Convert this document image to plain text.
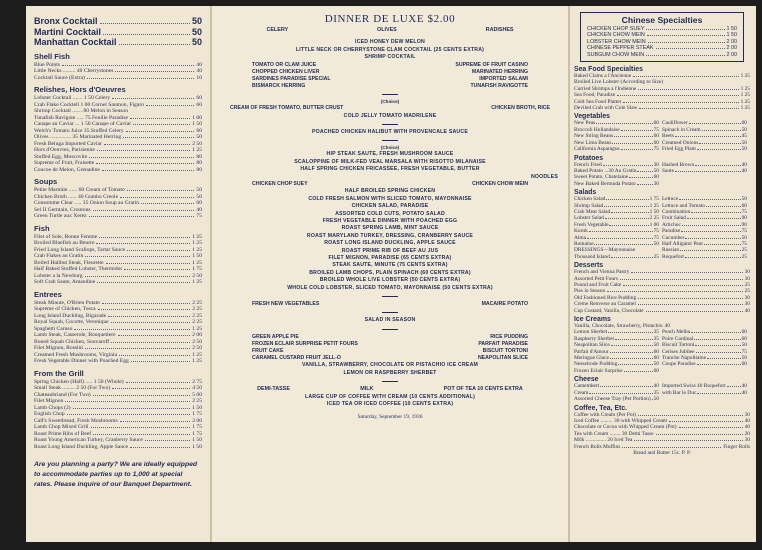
Bronx Cocktail	50
Martini Cocktail	50
Manhattan Cocktail	50
Shell Fish
Blue Points	40
Little Necks ......... 40 Cherrystones	40
Cocktail Sauce (Extra)	10
Relishes, Hors d'Oeuvres
Lobster Cocktail ....... 1 50 Celery	60
Crab Flake Cocktell 1 00 Cornel Saumon, Figaro	60
Shrimp Cocktail ....... 80 Melon in Season
Tunafish Ravigote ..... 75 Feuille Paradise	1 00
Canape au Caviar ... 1 50 Canape of Caviar	1 50
Welch's Tomato Juice 35 Stuffed Celery	60
Olives ............... 35 Marinated Herring	50
Fresh Beluga Imported Caviar	2 50
Hors d'Oeuvres, Parisienne	1 25
Stuffed Egg, Moscovite	80
Supreme of Fruit, Fraisette	80
Coucoe de Melon, Grenadine	80
Soups
Petite Marmite ...... 60 Cream of Tomato	50
Chicken Broth ...... 40 Gumbo Creole	50
Consomme Clear ..... 35 Onion Soup au Gratin	60
Sel II Germain, Croutons	40
Green Turtle aux Xerez	75
Fish
Filet of Sole, Bonne Femme	1 25
Broiled Bluefish au Beurre	1 25
Fried Long Island Scallops, Tartar Sauce	1 25
Crab Flakes au Gratin	1 50
Boiled Halibut Steak, Fleurette	1 25
Half Baked Stuffed Lobster, Thermidor	1 75
Lobster a la Newburg	2 50
Soft Crab Saute, Amandine	1 25
Entrees
Steak Minute, O'Brien Potato	2 25
Supreme of Chicken, Tosca	2 25
Long Island Duckling, Bigarade	2 25
Royal Squab, Cocotte, Veronique	2 25
Spaghetti Caruso	1 25
Lamb Steak, Casserole, Bouquetiere	2 00
Boned Squab Chicken, Souvaroff	2 50
Filet Mignon, Rossini	2 50
Creamed Fresh Mushrooms, Virginia	1 25
Fresh Vegetable Dinner with Poached Egg	1 25
From the Grill
Spring Chicken (Half) ..... 1 50 (Whole)	2 75
Small Steak ......... 2 50 (For Two)	4 50
Chateaubriand (For Two)	5 00
Filet Mignon	2 25
Lamb Chops (2)	1 50
English Chop	1 75
Calf's Sweetbread, Fresh Mushrooms	2 00
Lamb Chop Mixed Grill	1 75
Roast Prime Ribs of Beef	1 75
Roast Young American Turkey, Cranberry Sauce	1 50
Roast Long Island Duckling, Apple Sauce	1 50
Are you planning a party? We are ideally equipped to accommodate parties up to 1,000 at special rates. Please inquire of our Banquet Department.
DINNER DE LUXE $2.00
CELERY	OLIVES	RADISHES
ICED HONEY DEW MELON
LITTLE NECK OR CHERRYSTONE CLAM COCKTAIL (25 CENTS EXTRA)
SHRIMP COCKTAIL
TOMATO OR CLAM JUICE	SUPREME OF FRUIT CASINO
CHOPPED CHICKEN LIVER	MARINATED HERRING
SARDINES PARADISE SPECIAL	IMPORTED SALAMI
BISMARCK HERRING	TUNAFISH RAVIGOTTE
(Choice)
CREAM OF FRESH TOMATO, BUTTER CRUST	CHICKEN BROTH, RICE
COLD JELLY TOMATO MADRILENE
POACHED CHICKEN HALIBUT WITH PROVENCALE SAUCE
(Choice)
HIP STEAK SAUTE, FRESH MUSHROOM SAUCE
SCALOPPINE OF MILK-FED VEAL MARSALA WITH RISOTTO MILANAISE
HALF SPRING CHICKEN FRICASSEE, FRESH VEGETABLE, BUTTER
NOODLES
CHICKEN CHOP SUEY	CHICKEN CHOW MEIN
HALF BROILED SPRING CHICKEN
COLD FRESH SALMON WITH SLICED TOMATO, MAYONNAISE
CHICKEN SALAD, PARADISE
ASSORTED COLD CUTS, POTATO SALAD
FRESH VEGETABLE DINNER WITH POACHED EGG
ROAST SPRING LAMB, MINT SAUCE
ROAST MARYLAND TURKEY, DRESSING, CRANBERRY SAUCE
ROAST LONG ISLAND DUCKLING, APPLE SAUCE
ROAST PRIME RIB OF BEEF AU JUS
FILET MIGNON, PARADISE (65 CENTS EXTRA)
STEAK SAUTE, MINUTE (75 CENTS EXTRA)
BROILED LAMB CHOPS, PLAIN SPINACH (60 CENTS EXTRA)
BROILED WHOLE LIVE LOBSTER (50 CENTS EXTRA)
WHOLE COLD LOBSTER, SLICED TOMATO, MAYONNAISE (50 CENTS EXTRA)
FRESH NEW VEGETABLES	MACAIRE POTATO
SALAD IN SEASON
GREEN APPLE PIE	RICE PUDDING
FROZEN ECLAIR SURPRISE PETIT FOURS	PARFAIT PARADISE
FRUIT CAKE	BISCUIT TORTONI
CARAMEL CUSTARD FRUIT JELL-O	NEAPOLITAN SLICE
VANILLA, STRAWBERRY, CHOCOLATE OR PISTACHIO ICE CREAM
LEMON OR RASPBERRY SHERBET
DEMI-TASSE	MILK	POT OF TEA 10 CENTS EXTRA
LARGE CUP OF COFFEE WITH CREAM (10 CENTS ADDITIONAL)
ICED TEA OR ICED COFFEE (10 CENTS EXTRA)
Saturday, September 19, 1936
Chinese Specialties
CHICKEN CHOP SUEY	1 50
CHICKEN CHOW MEIN	1 50
LOBSTER CHOW MEIN	2 00
CHINESE PEPPER STEAK	2 00
SUBGUM CHOW MEIN	2 00
Sea Food Specialties
Baked Clams a l'Ancienne	1 25
Broiled Live Lobster (According to Size)
Curried Shrimps a l'Indienne	1 25
Sea Food, Paradise	1 25
Cold Sea Food Platter	1 25
Deviled Crab with Cole Slaw	1 25
Vegetables
New Peas	60 Cauliflower	60
Broccoli Hollandaise	75 Spinach in Cream	50
New String Beans	60 Beets	45
New Lima Beans	60 Creamed Onions	50
California Asparagus	75 Fried Egg Plant	50
Potatoes
French Fried	30 Hashed Brown	40
Baked Potato ...30 Au Gratin	50 Saute	40
Sweet Potato, Chatelaine	60
New Baked Bermuda Potato	30
Salads
Chicken Salad	1 75 Lettuce	50
Shrimp Salad	1 25 Lettuce and Tomato	60
Crab Meat Salad	1 50 Combination	75
Lobster Salad	2 25 Fruit Salad	90
Fresh Vegetable	1 00 Artichoc	90
Kuruk	75 Paradise	75
Alma	75 Cucumber	50
Romaine	50 Half Alligator Pear	75
DRESSINGS—Mayonnaise	Russian	25
Thousand Island	25 Roquefort	25
Desserts
French and Vienna Pastry	30
Assorted Petit Fours	30
Pound and Fruit Cake	25
Pies in Season	25
Old Fashioned Rice Pudding	30
Creme Renverse au Caramel	30
Cup Custard, Vanilla, Chocolate	40
Ice Creams
Vanilla, Chocolate, Strawberry, Pistachio 40
Lemon Sherbet	35 Peach Melba	60
Raspberry Sherbet	35 Poire Cardinal	60
Neapolitan Slice	50 Biscuit Tortoni	50
Parfait d'Amour	60 Cerises Jubilee	75
Meringue Glace	60 Tranche Napolitaine	50
Nesselrode Pudding	50 Coupe Paradise	60
Frozen Eclair Surprise	60
Cheese
Camembert	40 Imported Swiss 40 Roquefort	40
Cream	35 with Bar le Duc	40
Assorted Cheese Tray (Per Portion) 50
Coffee, Tea, Etc.
Coffee with Cream (Per Pot)	30
Iced Coffee ......... 30 with Whipped Cream	40
Chocolate or Cocoa with Whipped Cream (Pot)	40
Tea with Cream ........ 30 Demi Tasse	20
Milk ............... 20 Iced Tea	30
French Rolls Muffins	Finger Rolls
Bread and Butter 15c. P. P.
